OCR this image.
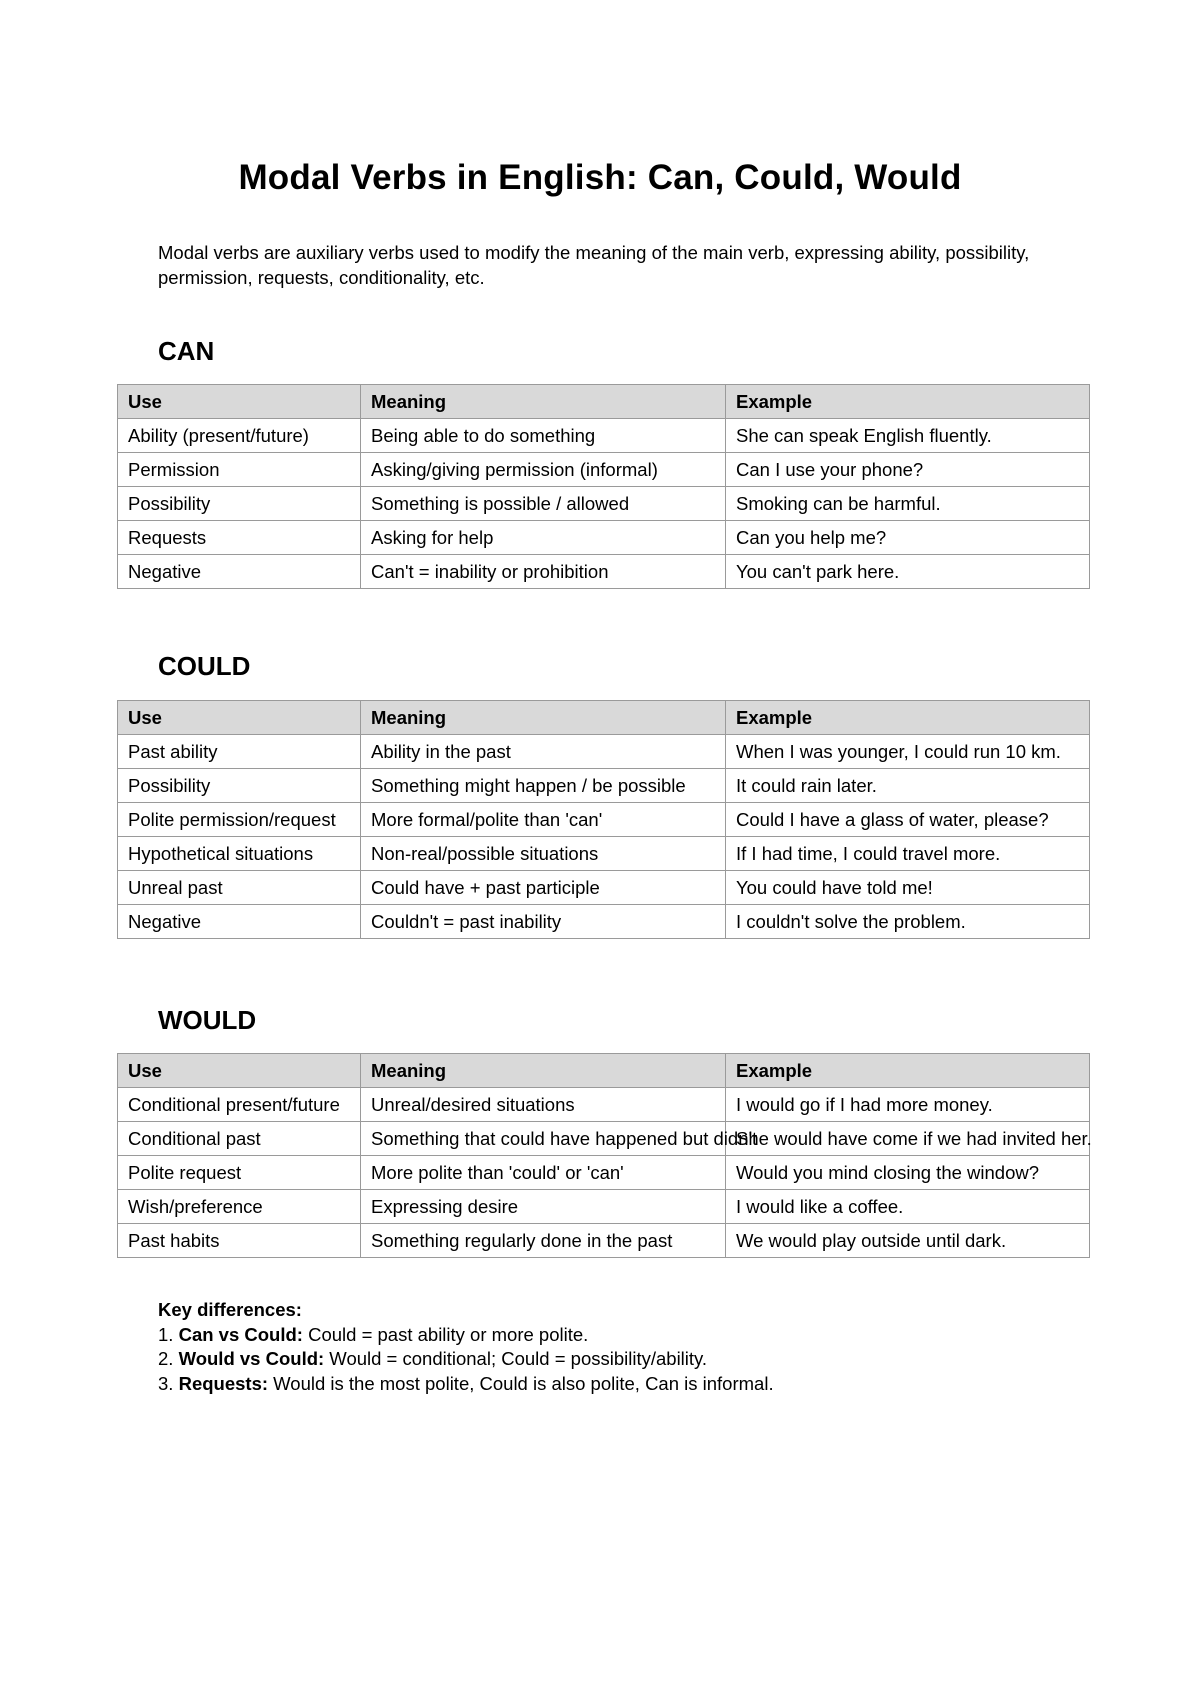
Modal Verbs in English: Can, Could, Would

Modal verbs are auxiliary verbs used to modify the meaning of the main verb, expressing ability, possibility, permission, requests, conditionality, etc.

CAN
Use	Meaning	Example
Ability (present/future)	Being able to do something	She can speak English fluently.
Permission	Asking/giving permission (informal)	Can I use your phone?
Possibility	Something is possible / allowed	Smoking can be harmful.
Requests	Asking for help	Can you help me?
Negative	Can't = inability or prohibition	You can't park here.
COULD
Use	Meaning	Example
Past ability	Ability in the past	When I was younger, I could run 10 km.
Possibility	Something might happen / be possible	It could rain later.
Polite permission/request	More formal/polite than 'can'	Could I have a glass of water, please?
Hypothetical situations	Non-real/possible situations	If I had time, I could travel more.
Unreal past	Could have + past participle	You could have told me!
Negative	Couldn't = past inability	I couldn't solve the problem.
WOULD
Use	Meaning	Example
Conditional present/future	Unreal/desired situations	I would go if I had more money.
Conditional past	Something that could have happened but didn't	She would have come if we had invited her.
Polite request	More polite than 'could' or 'can'	Would you mind closing the window?
Wish/preference	Expressing desire	I would like a coffee.
Past habits	Something regularly done in the past	We would play outside until dark.
Key differences:
1. Can vs Could: Could = past ability or more polite.
2. Would vs Could: Would = conditional; Could = possibility/ability.
3. Requests: Would is the most polite, Could is also polite, Can is informal.
